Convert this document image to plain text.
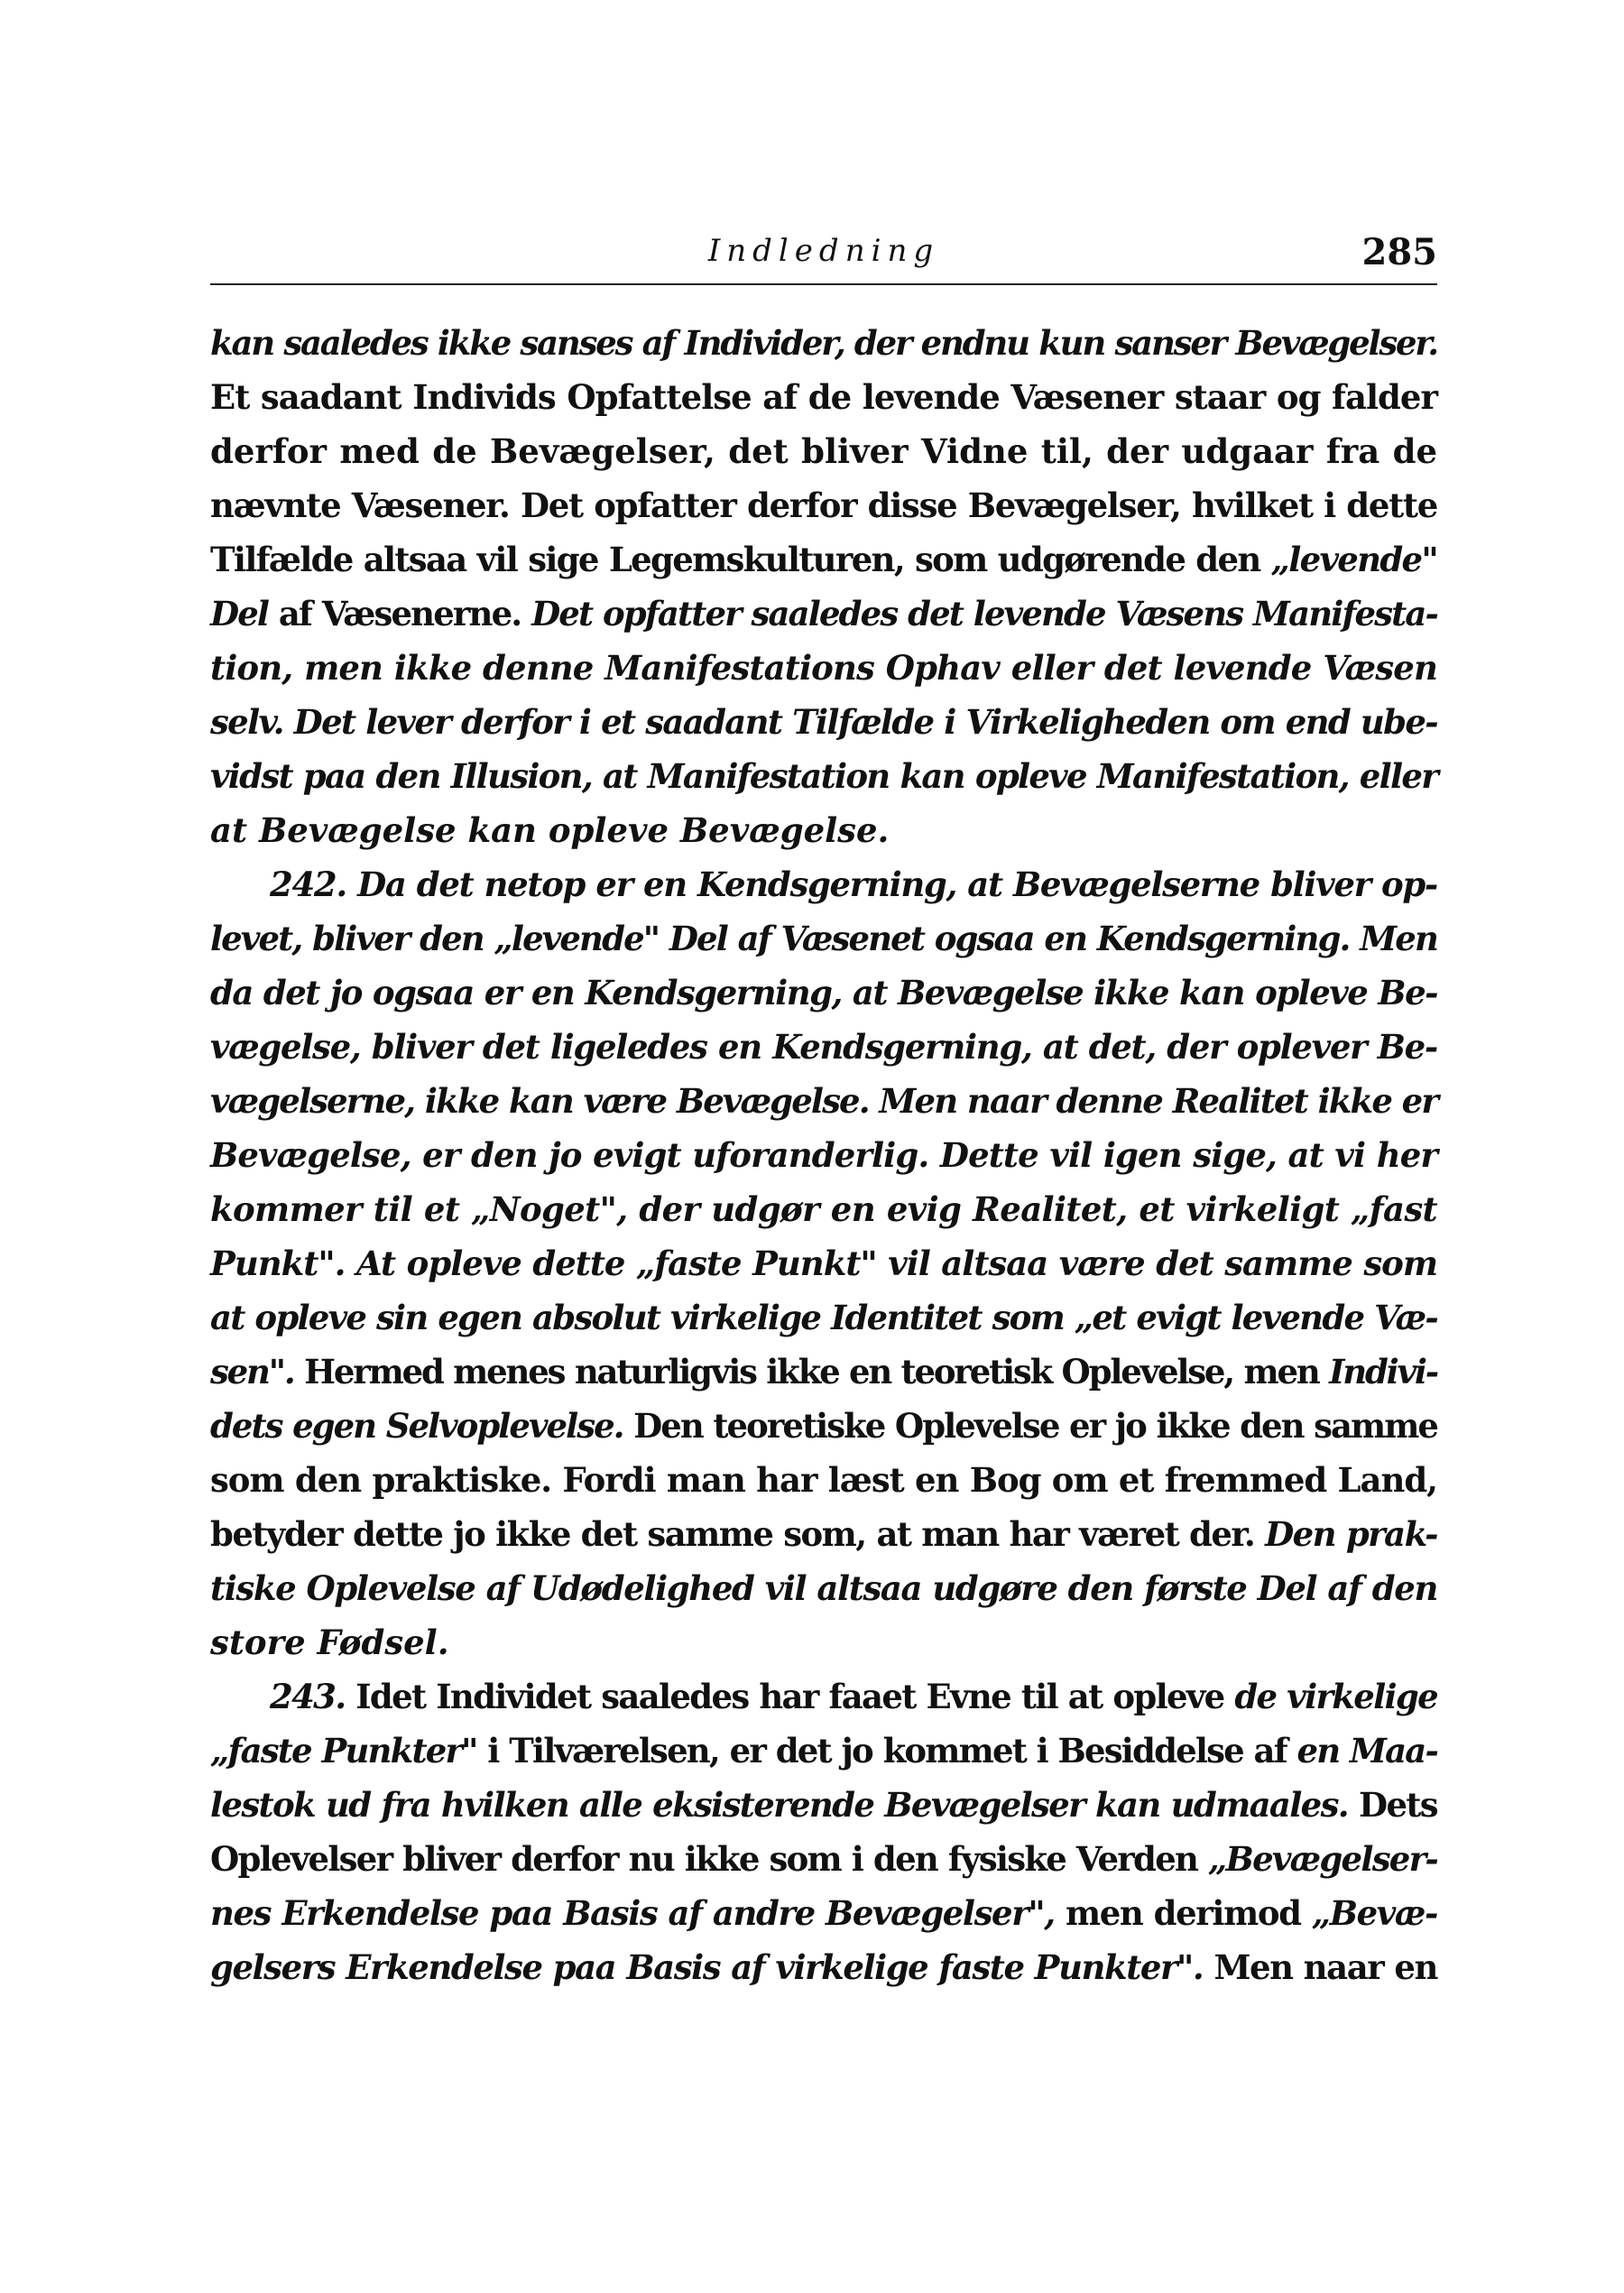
Indledning	285
kan saaledes ikke sanses af Individer, der endnu kun sanser Bevægelser.
Et saadant Individs Opfattelse af de levende Væsener staar og falder
derfor med de Bevægelser, det bliver Vidne til, der udgaar fra de
nævnte Væsener. Det opfatter derfor disse Bevægelser, hvilket i dette
Tilfælde altsaa vil sige Legemskulturen, som udgørende den „levende"
Del af Væsenerne. Det opfatter saaledes det levende Væsens Manifesta-
tion, men ikke denne Manifestations Ophav eller det levende Væsen
selv. Det lever derfor i et saadant Tilfælde i Virkeligheden om end ube-
vidst paa den Illusion, at Manifestation kan opleve Manifestation, eller
at Bevægelse kan opleve Bevægelse.
242. Da det netop er en Kendsgerning, at Bevægelserne bliver op-
levet, bliver den „levende" Del af Væsenet ogsaa en Kendsgerning. Men
da det jo ogsaa er en Kendsgerning, at Bevægelse ikke kan opleve Be-
vægelse, bliver det ligeledes en Kendsgerning, at det, der oplever Be-
vægelserne, ikke kan være Bevægelse. Men naar denne Realitet ikke er
Bevægelse, er den jo evigt uforanderlig. Dette vil igen sige, at vi her
kommer til et „Noget", der udgør en evig Realitet, et virkeligt „fast
Punkt". At opleve dette „faste Punkt" vil altsaa være det samme som
at opleve sin egen absolut virkelige Identitet som „et evigt levende Væ-
sen". Hermed menes naturligvis ikke en teoretisk Oplevelse, men Indivi-
dets egen Selvoplevelse. Den teoretiske Oplevelse er jo ikke den samme
som den praktiske. Fordi man har læst en Bog om et fremmed Land,
betyder dette jo ikke det samme som, at man har været der. Den prak-
tiske Oplevelse af Udødelighed vil altsaa udgøre den første Del af den
store Fødsel.
243. Idet Individet saaledes har faaet Evne til at opleve de virkelige
„faste Punkter" i Tilværelsen, er det jo kommet i Besiddelse af en Maa-
lestok ud fra hvilken alle eksisterende Bevægelser kan udmaales. Dets
Oplevelser bliver derfor nu ikke som i den fysiske Verden „Bevægelser-
nes Erkendelse paa Basis af andre Bevægelser", men derimod „Bevæ-
gelsers Erkendelse paa Basis af virkelige faste Punkter". Men naar en
